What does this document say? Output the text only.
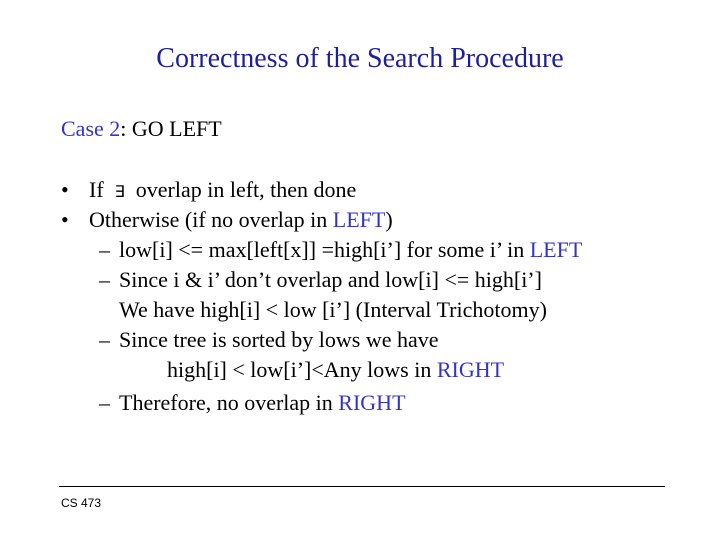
Correctness of the Search Procedure
Case 2: GO LEFT
• If ∃ overlap in left, then done
• Otherwise (if no overlap in LEFT)
– low[i] <= max[left[x]] =high[i’] for some i’ in LEFT
– Since i & i’ don’t overlap and low[i] <= high[i’]
We have high[i] < low [i’] (Interval Trichotomy)
– Since tree is sorted by lows we have
high[i] < low[i’]<Any lows in RIGHT
– Therefore, no overlap in RIGHT
CS 473
